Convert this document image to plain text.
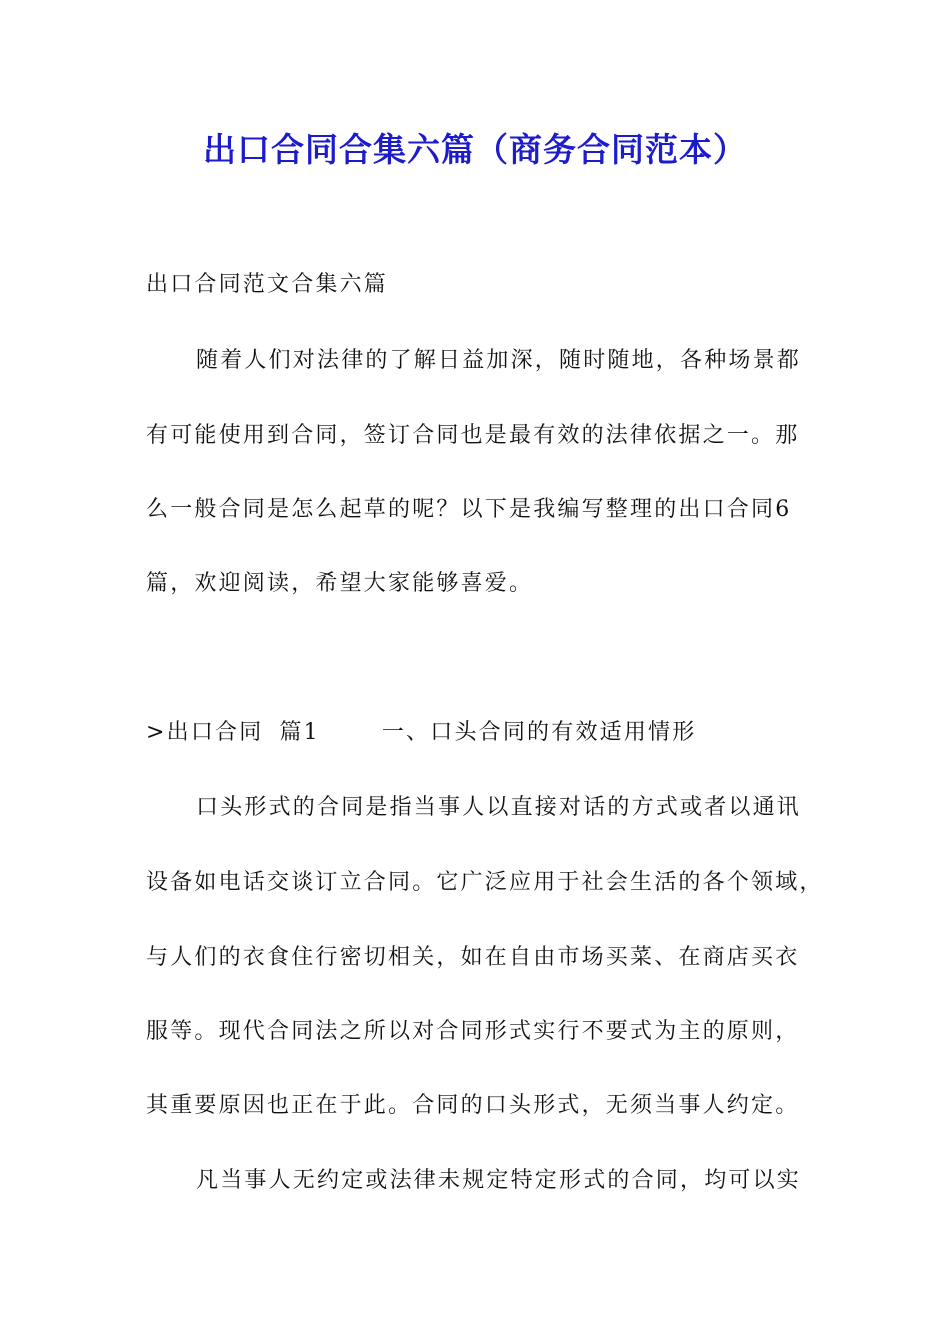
出口合同合集六篇（商务合同范本）
出口合同范文合集六篇
随着人们对法律的了解日益加深，随时随地，各种场景都
有可能使用到合同，签订合同也是最有效的法律依据之一。那
么一般合同是怎么起草的呢？以下是我编写整理的出口合同6
篇，欢迎阅读，希望大家能够喜爱。
>出口合同 篇1	一、口头合同的有效适用情形
口头形式的合同是指当事人以直接对话的方式或者以通讯
设备如电话交谈订立合同。它广泛应用于社会生活的各个领域，
与人们的衣食住行密切相关，如在自由市场买菜、在商店买衣
服等。现代合同法之所以对合同形式实行不要式为主的原则，
其重要原因也正在于此。合同的口头形式，无须当事人约定。
凡当事人无约定或法律未规定特定形式的合同，均可以实
